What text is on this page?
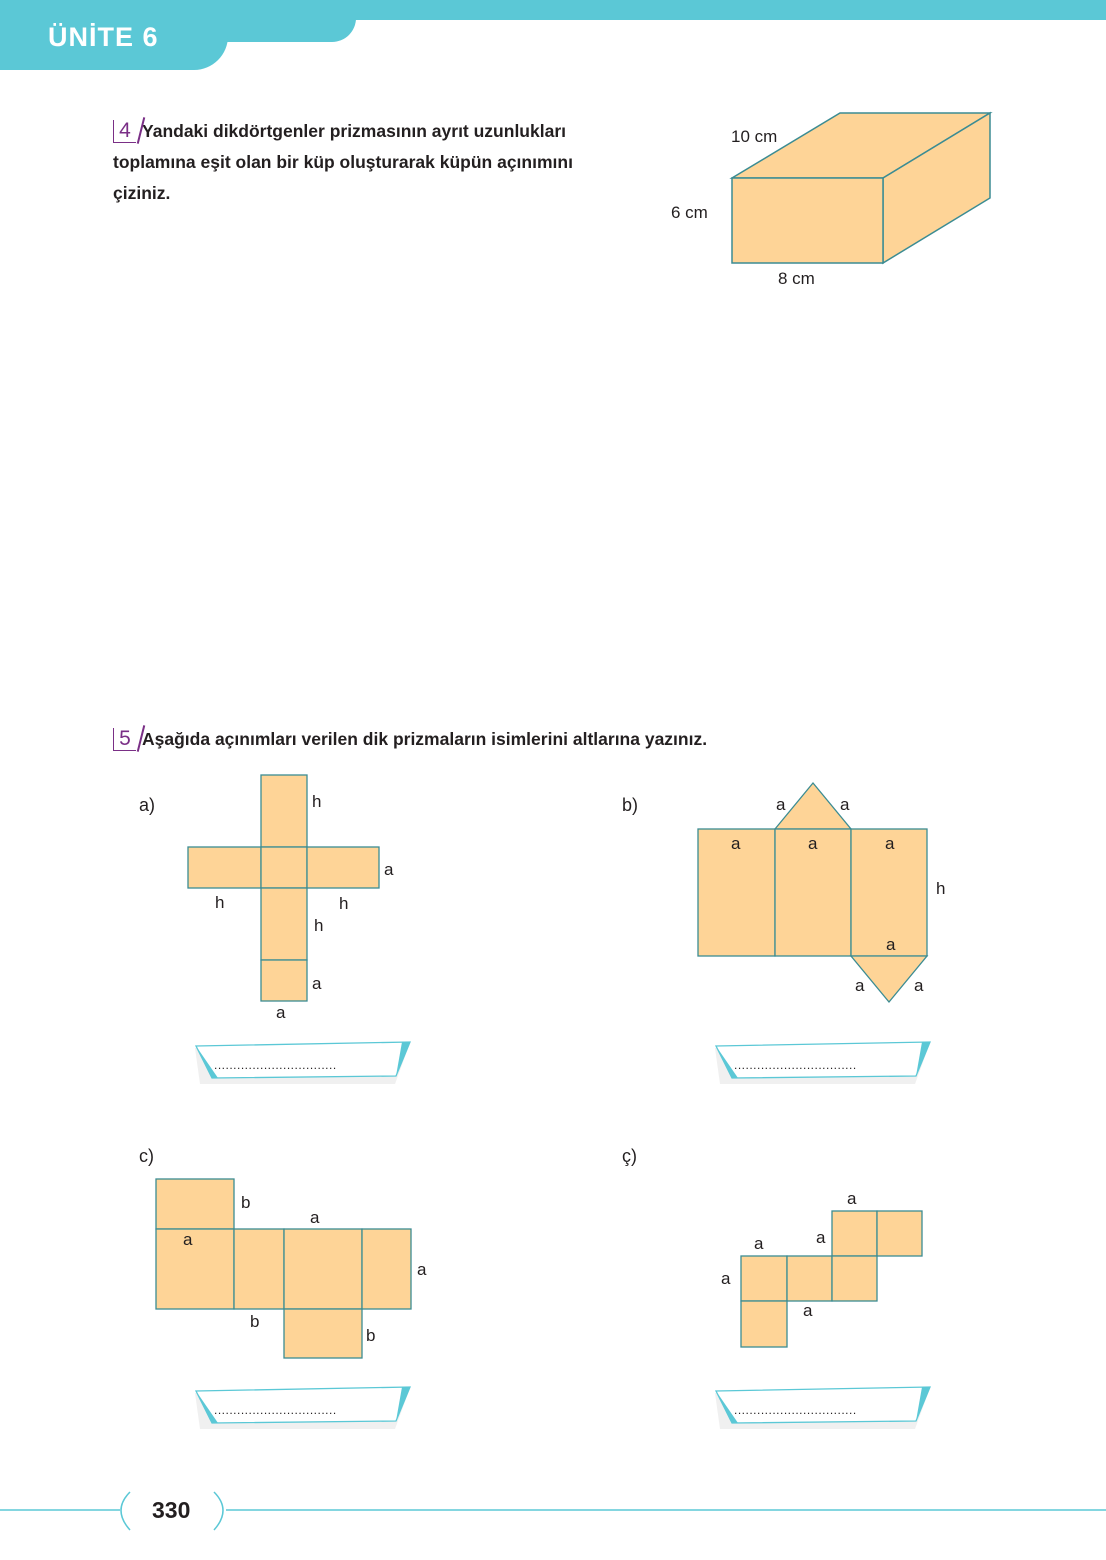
ÜNİTE 6
4 Yandaki dikdörtgenler prizmasının ayrıt uzunlukları
toplamına eşit olan bir küp oluşturarak küpün açınımını
çiziniz.
10 cm
6 cm
8 cm
5 Aşağıda açınımları verilen dik prizmaların isimlerini altlarına yazınız.
a)	h
a
h	h
h
a
a
b)	a	a
a	a	a
h
a
a	a
................................	................................
c)
b
a
a
a
b
b
ç)
a
a
a
a
a
................................	................................
330
